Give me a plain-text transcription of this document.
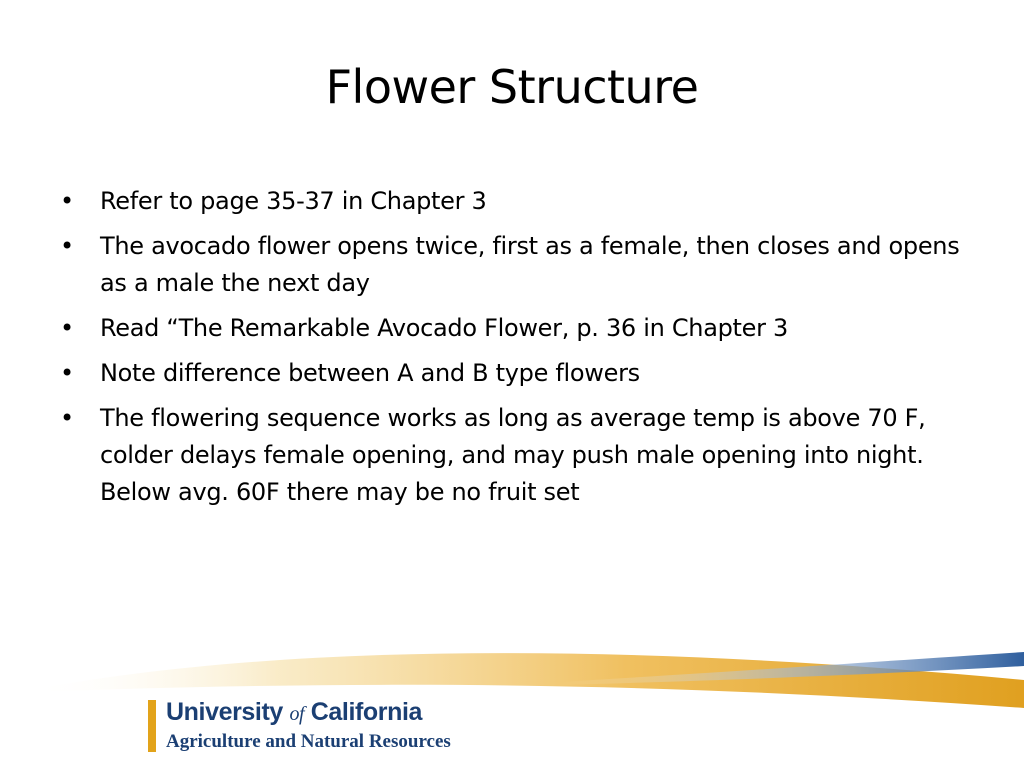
Flower Structure
• Refer to page 35-37 in Chapter 3
• The avocado flower opens twice, first as a female, then closes and opens as a male the next day
• Read “The Remarkable Avocado Flower, p. 36 in Chapter 3
• Note difference between A and B type flowers
• The flowering sequence works as long as average temp is above 70 F, colder delays female opening, and may push male opening into night. Below avg. 60F there may be no fruit set
University of California
Agriculture and Natural Resources
